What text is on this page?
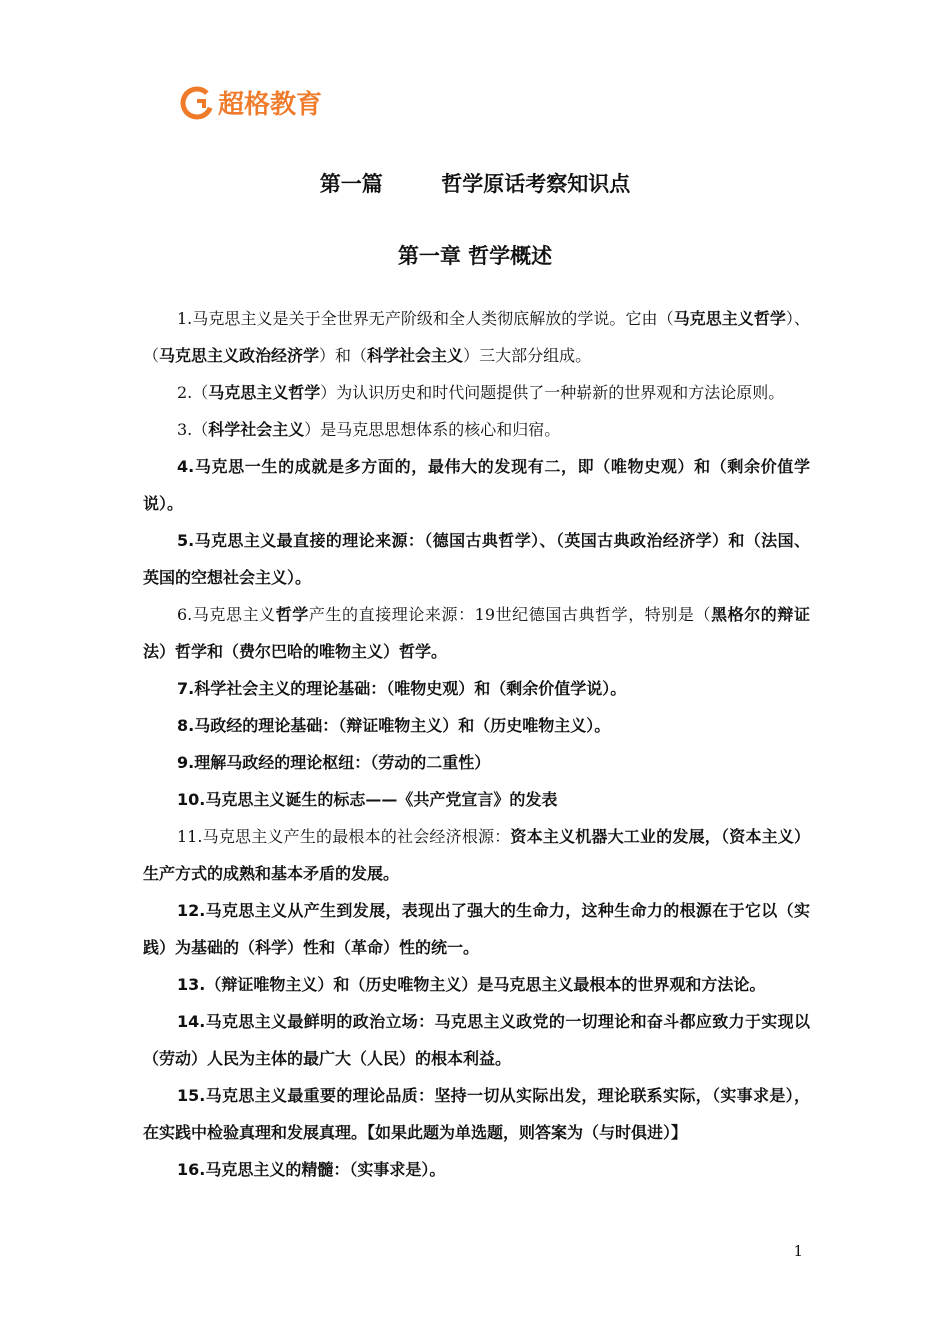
超格教育
第一篇        哲学原话考察知识点
第一章 哲学概述

1.马克思主义是关于全世界无产阶级和全人类彻底解放的学说。它由（马克思主义哲学）、（马克思主义政治经济学）和（科学社会主义）三大部分组成。

2.（马克思主义哲学）为认识历史和时代问题提供了一种崭新的世界观和方法论原则。

3.（科学社会主义）是马克思思想体系的核心和归宿。

4.马克思一生的成就是多方面的，最伟大的发现有二，即（唯物史观）和（剩余价值学说）。

5.马克思主义最直接的理论来源：（德国古典哲学）、（英国古典政治经济学）和（法国、英国的空想社会主义）。

6.马克思主义哲学产生的直接理论来源：19世纪德国古典哲学，特别是（黑格尔的辩证法）哲学和（费尔巴哈的唯物主义）哲学。

7.科学社会主义的理论基础：（唯物史观）和（剩余价值学说）。

8.马政经的理论基础：（辩证唯物主义）和（历史唯物主义）。

9.理解马政经的理论枢纽：（劳动的二重性）

10.马克思主义诞生的标志——《共产党宣言》的发表

11.马克思主义产生的最根本的社会经济根源：资本主义机器大工业的发展，（资本主义）生产方式的成熟和基本矛盾的发展。

12.马克思主义从产生到发展，表现出了强大的生命力，这种生命力的根源在于它以（实践）为基础的（科学）性和（革命）性的统一。

13.（辩证唯物主义）和（历史唯物主义）是马克思主义最根本的世界观和方法论。

14.马克思主义最鲜明的政治立场：马克思主义政党的一切理论和奋斗都应致力于实现以（劳动）人民为主体的最广大（人民）的根本利益。

15.马克思主义最重要的理论品质：坚持一切从实际出发，理论联系实际，（实事求是），在实践中检验真理和发展真理。【如果此题为单选题，则答案为（与时俱进）】

16.马克思主义的精髓：（实事求是）。

1
